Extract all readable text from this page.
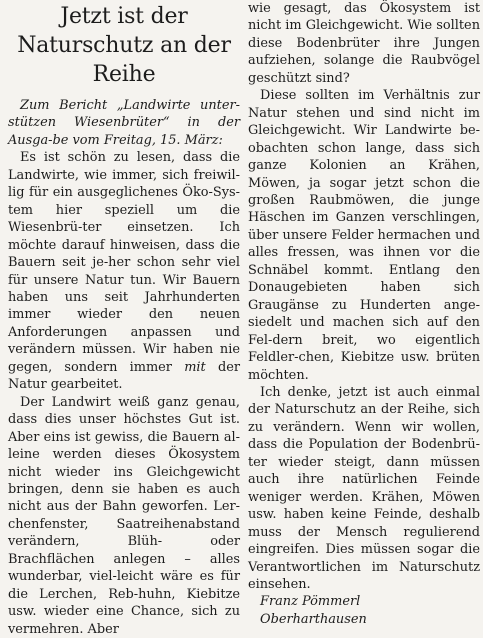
Jetzt ist der Naturschutz an der Reihe

Zum Bericht „Landwirte unter-stützen Wiesenbrüter“ in der Ausga-be vom Freitag, 15. März:

Es ist schön zu lesen, dass die Landwirte, wie immer, sich freiwil-lig für ein ausgeglichenes Öko-Sys-tem hier speziell um die Wiesenbrü-ter einsetzen. Ich möchte darauf hinweisen, dass die Bauern seit je-her schon sehr viel für unsere Natur tun. Wir Bauern haben uns seit Jahrhunderten immer wieder den neuen Anforderungen anpassen und verändern müssen. Wir haben nie gegen, sondern immer mit der Natur gearbeitet.

Der Landwirt weiß ganz genau, dass dies unser höchstes Gut ist. Aber eins ist gewiss, die Bauern al-leine werden dieses Ökosystem nicht wieder ins Gleichgewicht bringen, denn sie haben es auch nicht aus der Bahn geworfen. Ler-chenfenster, Saatreihenabstand verändern, Blüh- oder Brachflächen anlegen – alles wunderbar, viel-leicht wäre es für die Lerchen, Reb-huhn, Kiebitze usw. wieder eine Chance, sich zu vermehren. Aber

wie gesagt, das Ökosystem ist nicht im Gleichgewicht. Wie sollten diese Bodenbrüter ihre Jungen aufziehen, solange die Raubvögel geschützt sind?

Diese sollten im Verhältnis zur Natur stehen und sind nicht im Gleichgewicht. Wir Landwirte be-obachten schon lange, dass sich ganze Kolonien an Krähen, Möwen, ja sogar jetzt schon die großen Raubmöwen, die junge Häschen im Ganzen verschlingen, über unsere Felder hermachen und alles fressen, was ihnen vor die Schnäbel kommt. Entlang den Donaugebieten haben sich Graugänse zu Hunderten ange-siedelt und machen sich auf den Fel-dern breit, wo eigentlich Feldler-chen, Kiebitze usw. brüten möchten.

Ich denke, jetzt ist auch einmal der Naturschutz an der Reihe, sich zu verändern. Wenn wir wollen, dass die Population der Bodenbrü-ter wieder steigt, dann müssen auch ihre natürlichen Feinde weniger werden. Krähen, Möwen usw. haben keine Feinde, deshalb muss der Mensch regulierend eingreifen. Dies müssen sogar die Verantwortlichen im Naturschutz einsehen.

Franz Pömmerl

Oberharthausen
